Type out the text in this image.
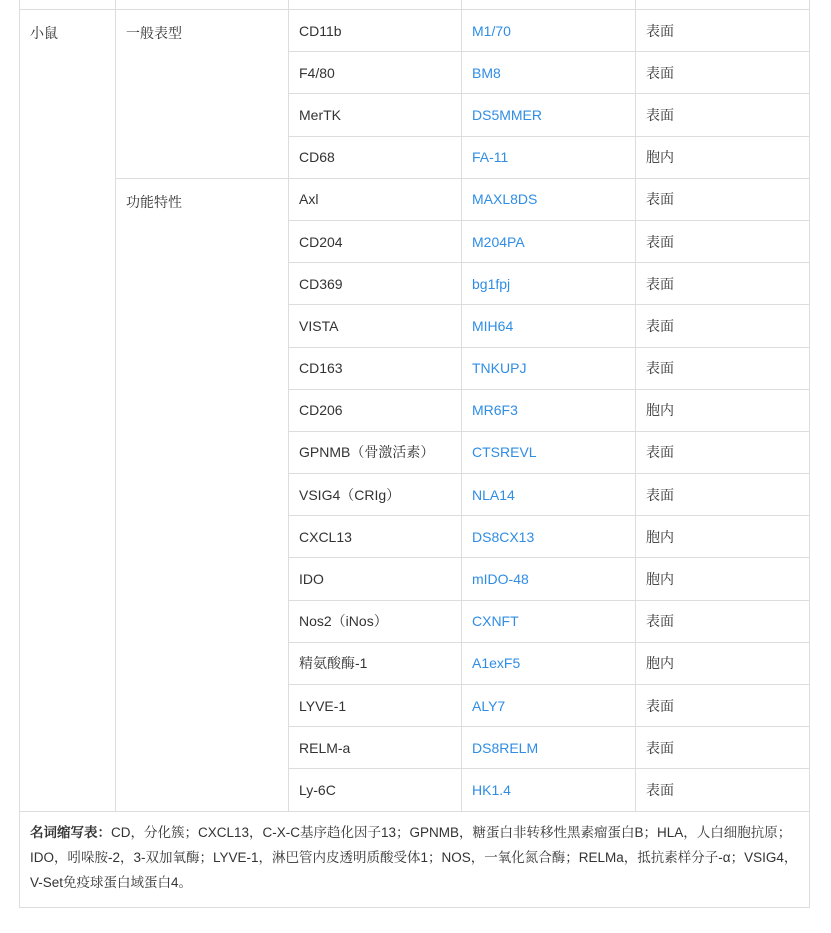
小鼠	一般表型	CD11b	M1/70	表面
		F4/80	BM8	表面
		MerTK	DS5MMER	表面
		CD68	FA-11	胞内
	功能特性	Axl	MAXL8DS	表面
		CD204	M204PA	表面
		CD369	bg1fpj	表面
		VISTA	MIH64	表面
		CD163	TNKUPJ	表面
		CD206	MR6F3	胞内
		GPNMB（骨激活素）	CTSREVL	表面
		VSIG4（CRIg）	NLA14	表面
		CXCL13	DS8CX13	胞内
		IDO	mIDO-48	胞内
		Nos2（iNos）	CXNFT	表面
		精氨酸酶-1	A1exF5	胞内
		LYVE-1	ALY7	表面
		RELM-a	DS8RELM	表面
		Ly-6C	HK1.4	表面
名词缩写表：CD，分化簇；CXCL13，C-X-C基序趋化因子13；GPNMB，糖蛋白非转移性黑素瘤蛋白B；HLA，人白细胞抗原；IDO，吲哚胺-2，3-双加氧酶；LYVE-1，淋巴管内皮透明质酸受体1；NOS，一氧化氮合酶；RELMa，抵抗素样分子-α；VSIG4，V-Set免疫球蛋白域蛋白4。				
